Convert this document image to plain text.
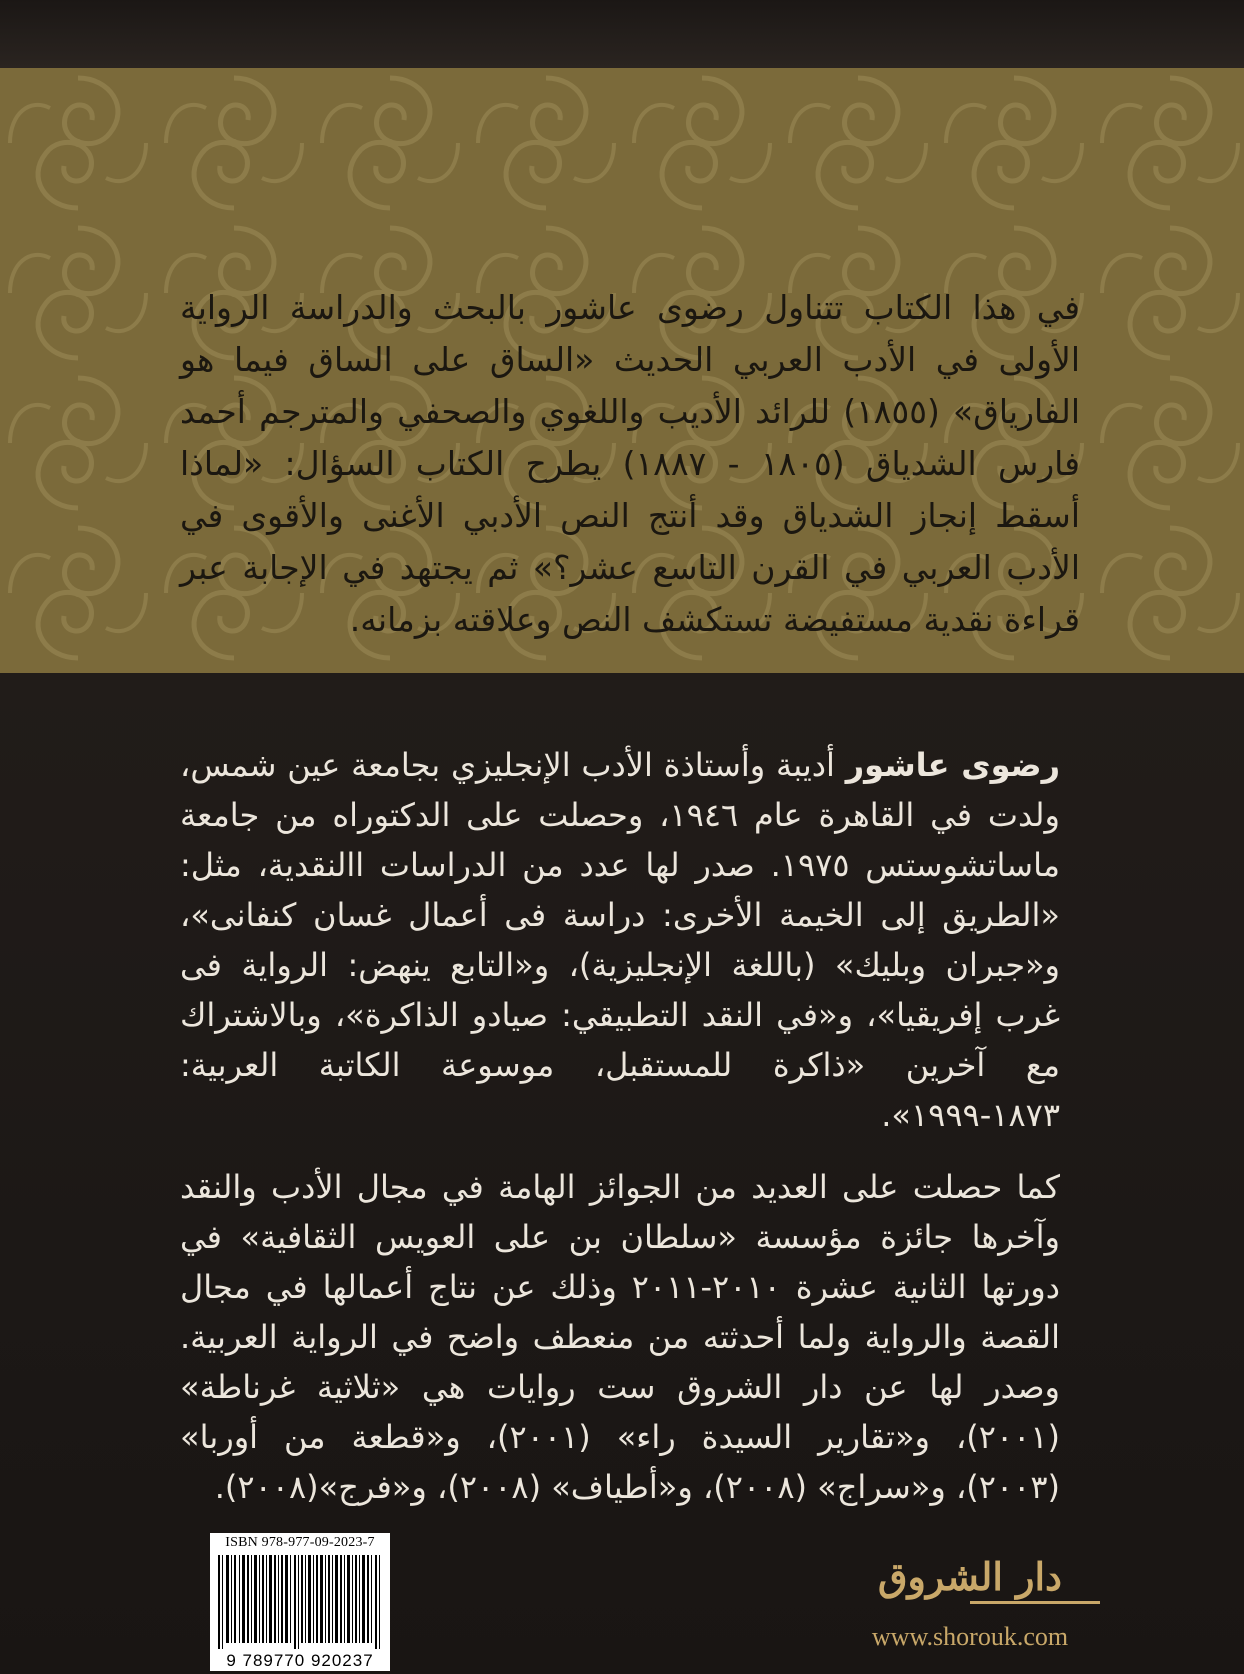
في هذا الكتاب تتناول رضوى عاشور بالبحث والدراسة الرواية الأولى في الأدب العربي الحديث «الساق على الساق فيما هو الفارياق» (١٨٥٥) للرائد الأديب واللغوي والصحفي والمترجم أحمد فارس الشدياق (١٨٠٥ - ١٨٨٧) يطرح الكتاب السؤال: «لماذا أسقط إنجاز الشدياق وقد أنتج النص الأدبي الأغنى والأقوى في الأدب العربي في القرن التاسع عشر؟» ثم يجتهد في الإجابة عبر قراءة نقدية مستفيضة تستكشف النص وعلاقته بزمانه.

رضوى عاشور أديبة وأستاذة الأدب الإنجليزي بجامعة عين شمس، ولدت في القاهرة عام ١٩٤٦، وحصلت على الدكتوراه من جامعة ماساتشوستس ١٩٧٥. صدر لها عدد من الدراسات االنقدية، مثل: «الطريق إلى الخيمة الأخرى: دراسة فى أعمال غسان كنفانى»، و«جبران وبليك» (باللغة الإنجليزية)، و«التابع ينهض: الرواية فى غرب إفريقيا»، و«في النقد التطبيقي: صيادو الذاكرة»، وبالاشتراك مع آخرين «ذاكرة للمستقبل، موسوعة الكاتبة العربية: ١٨٧٣-١٩٩٩».

كما حصلت على العديد من الجوائز الهامة في مجال الأدب والنقد وآخرها جائزة مؤسسة «سلطان بن على العويس الثقافية» في دورتها الثانية عشرة ٢٠١٠-٢٠١١ وذلك عن نتاج أعمالها في مجال القصة والرواية ولما أحدثته من منعطف واضح في الرواية العربية. وصدر لها عن دار الشروق ست روايات هي «ثلاثية غرناطة» (٢٠٠١)، و«تقارير السيدة راء» (٢٠٠١)، و«قطعة من أوربا» (٢٠٠٣)، و«سراج» (٢٠٠٨)، و«أطياف» (٢٠٠٨)، و«فرج»(٢٠٠٨).

ISBN 978-977-09-2023-7
9 789770 920237
دار الشروق
www.shorouk.com
